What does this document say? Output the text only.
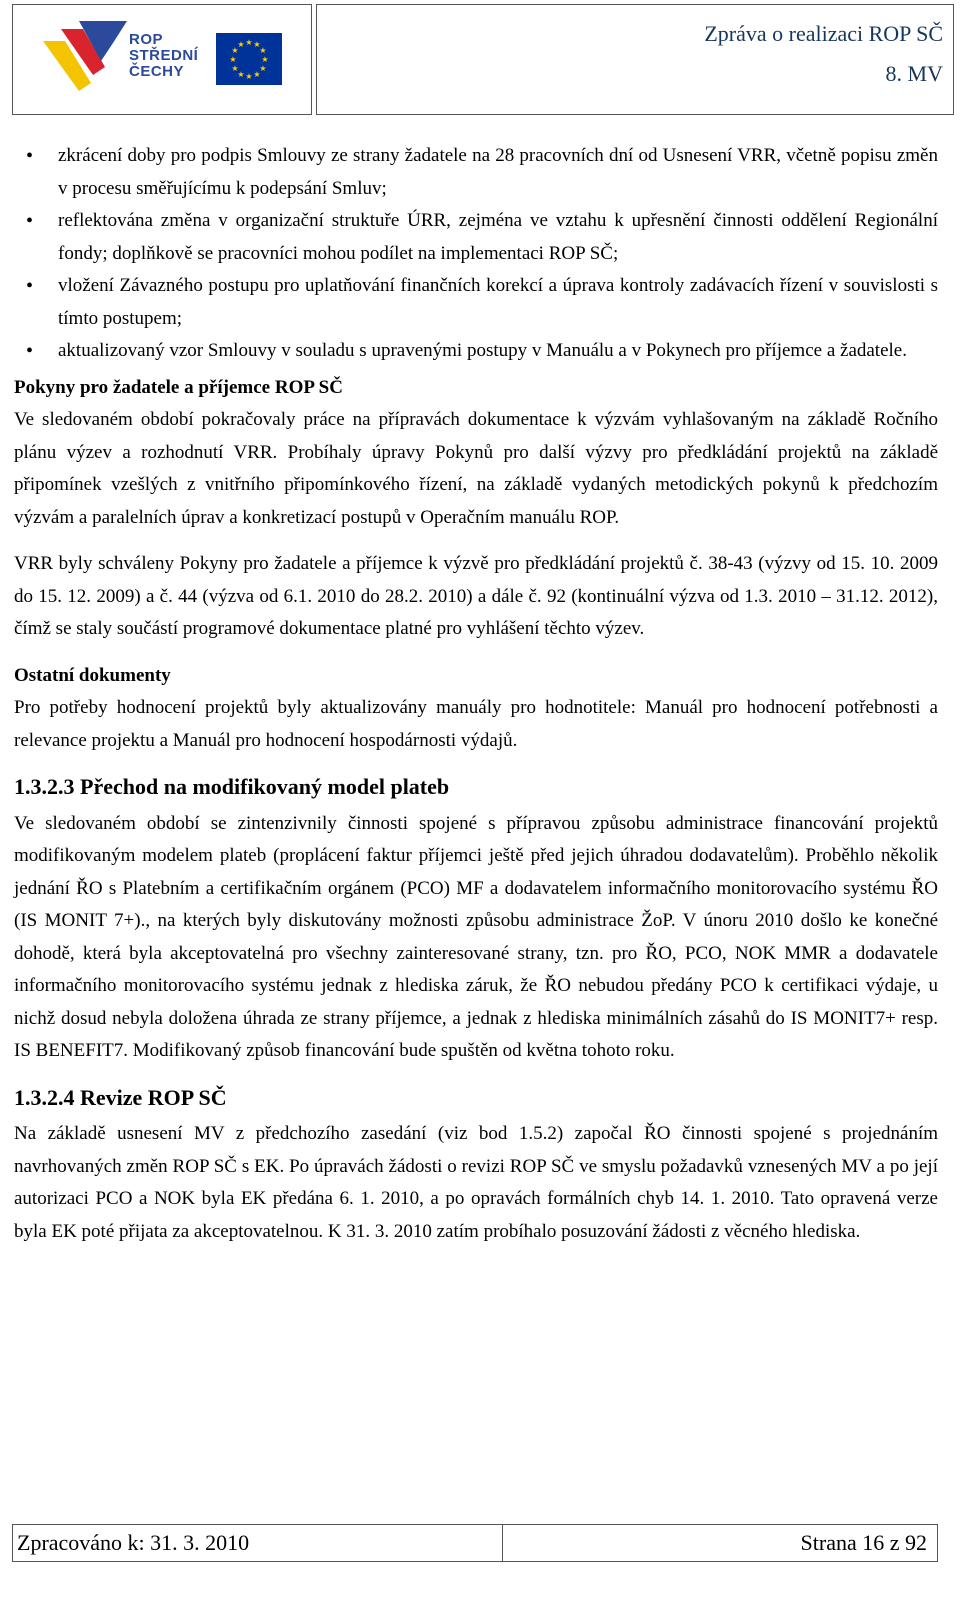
ROP
STŘEDNÍ
ČECHY
★ ★
★
★
★
★
★
★
★
★
★
★	Zpráva o realizaci ROP SČ
8. MV
• zkrácení doby pro podpis Smlouvy ze strany žadatele na 28 pracovních dní od Usnesení VRR, včetně popisu změn v procesu směřujícímu k podepsání Smluv;
• reflektována změna v organizační struktuře ÚRR, zejména ve vztahu k upřesnění činnosti oddělení Regionální fondy; doplňkově se pracovníci mohou podílet na implementaci ROP SČ;
• vložení Závazného postupu pro uplatňování finančních korekcí a úprava kontroly zadávacích řízení v souvislosti s tímto postupem;
• aktualizovaný vzor Smlouvy v souladu s upravenými postupy v Manuálu a v Pokynech pro příjemce a žadatele.
Pokyny pro žadatele a příjemce ROP SČ

Ve sledovaném období pokračovaly práce na přípravách dokumentace k výzvám vyhlašovaným na základě Ročního plánu výzev a rozhodnutí VRR. Probíhaly úpravy Pokynů pro další výzvy pro předkládání projektů na základě připomínek vzešlých z vnitřního připomínkového řízení, na základě vydaných metodických pokynů k předchozím výzvám a paralelních úprav a konkretizací postupů v Operačním manuálu ROP.

VRR byly schváleny Pokyny pro žadatele a příjemce k výzvě pro předkládání projektů č. 38-43 (výzvy od 15. 10. 2009 do 15. 12. 2009) a č. 44 (výzva od 6.1. 2010 do 28.2. 2010) a dále č. 92 (kontinuální výzva od 1.3. 2010 – 31.12. 2012), čímž se staly součástí programové dokumentace platné pro vyhlášení těchto výzev.

Ostatní dokumenty

Pro potřeby hodnocení projektů byly aktualizovány manuály pro hodnotitele: Manuál pro hodnocení potřebnosti a relevance projektu a Manuál pro hodnocení hospodárnosti výdajů.

1.3.2.3 Přechod na modifikovaný model plateb

Ve sledovaném období se zintenzivnily činnosti spojené s přípravou způsobu administrace financování projektů modifikovaným modelem plateb (proplácení faktur příjemci ještě před jejich úhradou dodavatelům). Proběhlo několik jednání ŘO s Platebním a certifikačním orgánem (PCO) MF a dodavatelem informačního monitorovacího systému ŘO (IS MONIT 7+)., na kterých byly diskutovány možnosti způsobu administrace ŽoP. V únoru 2010 došlo ke konečné dohodě, která byla akceptovatelná pro všechny zainteresované strany, tzn. pro ŘO, PCO, NOK MMR a dodavatele informačního monitorovacího systému jednak z hlediska záruk, že ŘO nebudou předány PCO k certifikaci výdaje, u nichž dosud nebyla doložena úhrada ze strany příjemce, a jednak z hlediska minimálních zásahů do IS MONIT7+ resp. IS BENEFIT7. Modifikovaný způsob financování bude spuštěn od května tohoto roku.

1.3.2.4 Revize ROP SČ

Na základě usnesení MV z předchozího zasedání (viz bod 1.5.2) započal ŘO činnosti spojené s projednáním navrhovaných změn ROP SČ s EK. Po úpravách žádosti o revizi ROP SČ ve smyslu požadavků vznesených MV a po její autorizaci PCO a NOK byla EK předána 6. 1. 2010, a po opravách formálních chyb 14. 1. 2010. Tato opravená verze byla EK poté přijata za akceptovatelnou. K 31. 3. 2010 zatím probíhalo posuzování žádosti z věcného hlediska.

Zpracováno k: 31. 3. 2010	Strana 16 z 92
